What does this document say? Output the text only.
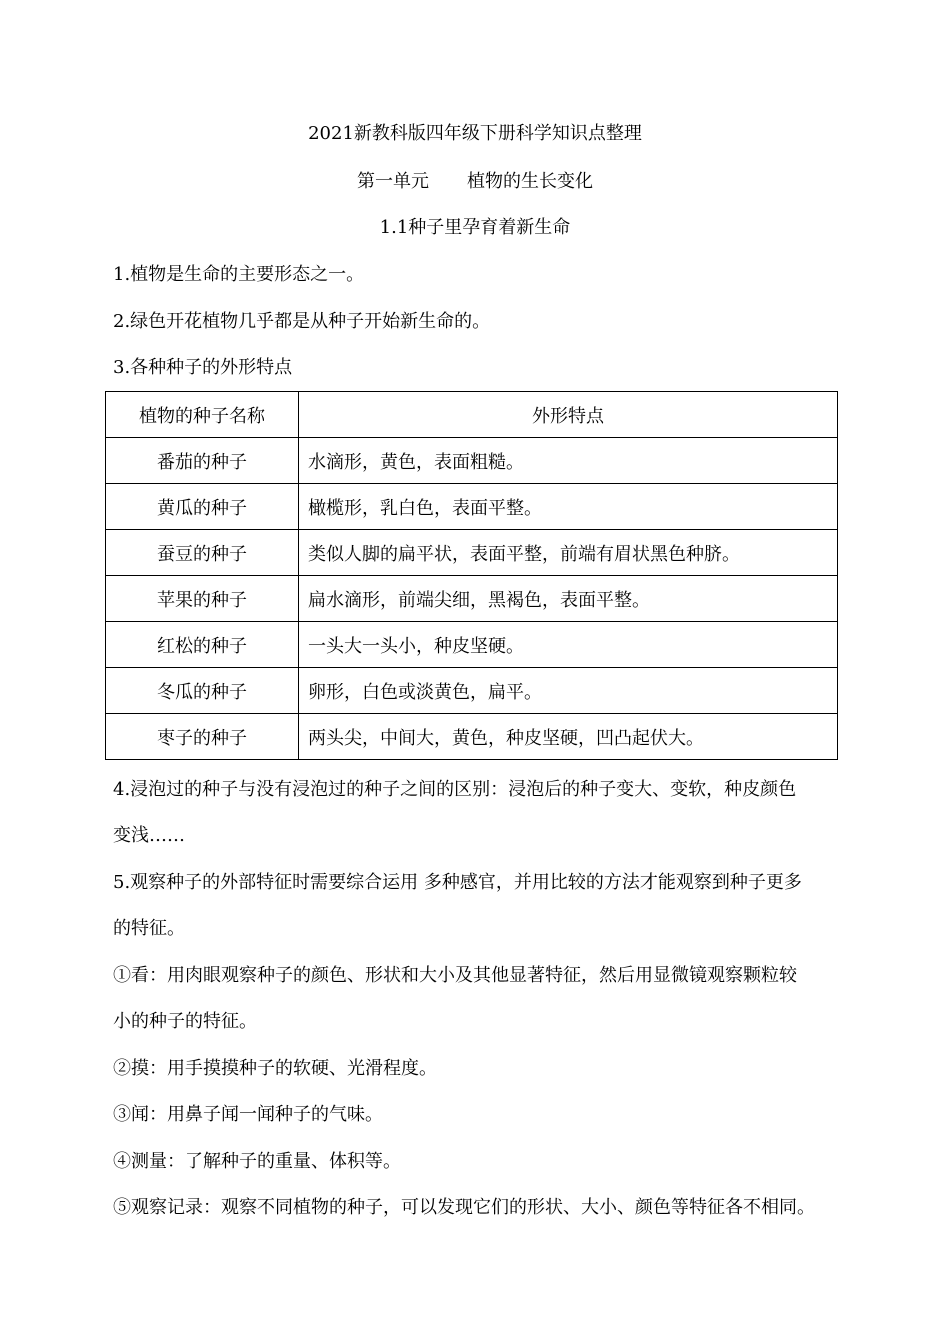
2021新教科版四年级下册科学知识点整理
第一单元 植物的生长变化
1.1种子里孕育着新生命
1.植物是生命的主要形态之一。
2.绿色开花植物几乎都是从种子开始新生命的。
3.各种种子的外形特点
植物的种子名称	外形特点
番茄的种子	水滴形，黄色，表面粗糙。
黄瓜的种子	橄榄形，乳白色，表面平整。
蚕豆的种子	类似人脚的扁平状，表面平整，前端有眉状黑色种脐。
苹果的种子	扁水滴形，前端尖细，黑褐色，表面平整。
红松的种子	一头大一头小，种皮坚硬。
冬瓜的种子	卵形，白色或淡黄色，扁平。
枣子的种子	两头尖，中间大，黄色，种皮坚硬，凹凸起伏大。
4.浸泡过的种子与没有浸泡过的种子之间的区别：浸泡后的种子变大、变软，种皮颜色
变浅……
5.观察种子的外部特征时需要综合运用 多种感官，并用比较的方法才能观察到种子更多
的特征。
①看：用肉眼观察种子的颜色、形状和大小及其他显著特征，然后用显微镜观察颗粒较
小的种子的特征。
②摸：用手摸摸种子的软硬、光滑程度。
③闻：用鼻子闻一闻种子的气味。
④测量：了解种子的重量、体积等。
⑤观察记录：观察不同植物的种子，可以发现它们的形状、大小、颜色等特征各不相同。
